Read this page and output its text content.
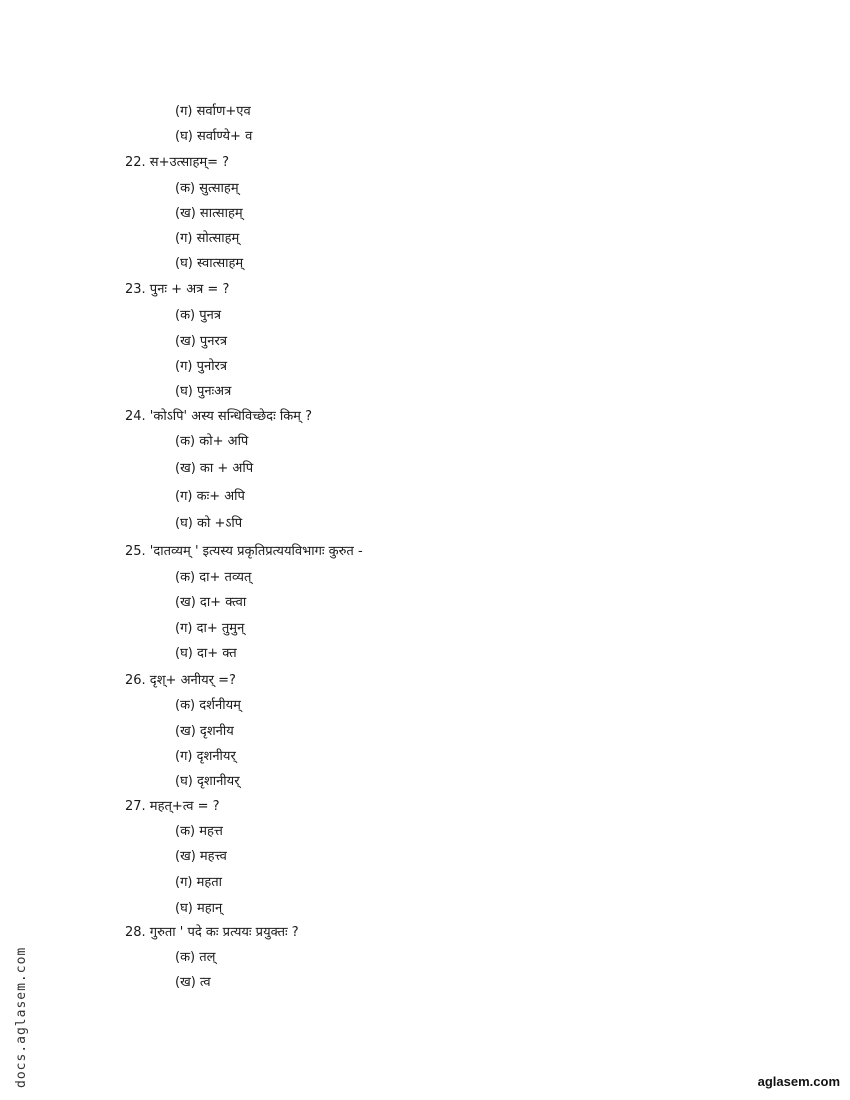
(ग) सर्वाण+एव
(घ) सर्वाण्ये+ व
22. स+उत्साहम्= ?
(क) सुत्साहम्
(ख) सात्साहम्
(ग) सोत्साहम्
(घ) स्वात्साहम्
23. पुनः + अत्र = ?
(क) पुनत्र
(ख) पुनरत्र
(ग) पुनोरत्र
(घ) पुनःअत्र
24. 'कोऽपि' अस्य सन्धिविच्छेदः किम् ?
(क) को+ अपि
(ख) का + अपि
(ग) कः+ अपि
(घ) को +ऽपि
25. 'दातव्यम् ' इत्यस्य प्रकृतिप्रत्ययविभागः कुरुत -
(क) दा+ तव्यत्
(ख) दा+ क्त्वा
(ग) दा+ तुमुन्
(घ) दा+ क्त
26. दृश्+ अनीयर् =?
(क) दर्शनीयम्
(ख) दृशनीय
(ग) दृशनीयर्
(घ) दृशानीयर्
27. महत्+त्व = ?
(क) महत्त
(ख) महत्त्व
(ग) महता
(घ) महान्
28. गुरुता ' पदे कः प्रत्ययः प्रयुक्तः ?
(क) तल्
(ख) त्व
docs.aglasem.com	aglasem.com
